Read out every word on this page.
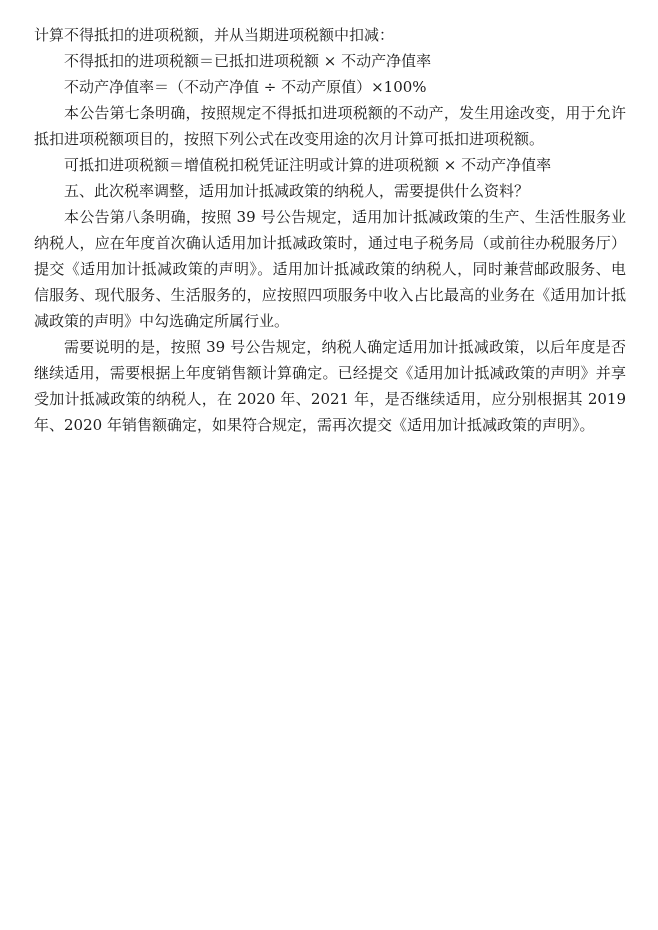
计算不得抵扣的进项税额，并从当期进项税额中扣减：

不得抵扣的进项税额＝已抵扣进项税额 × 不动产净值率

不动产净值率＝（不动产净值 ÷ 不动产原值）×100%

本公告第七条明确，按照规定不得抵扣进项税额的不动产，发生用途改变，用于允许抵扣进项税额项目的，按照下列公式在改变用途的次月计算可抵扣进项税额。

可抵扣进项税额＝增值税扣税凭证注明或计算的进项税额 × 不动产净值率

五、此次税率调整，适用加计抵减政策的纳税人，需要提供什么资料？

本公告第八条明确，按照 39 号公告规定，适用加计抵减政策的生产、生活性服务业纳税人，应在年度首次确认适用加计抵减政策时，通过电子税务局（或前往办税服务厅）提交《适用加计抵减政策的声明》。适用加计抵减政策的纳税人，同时兼营邮政服务、电信服务、现代服务、生活服务的，应按照四项服务中收入占比最高的业务在《适用加计抵减政策的声明》中勾选确定所属行业。

需要说明的是，按照 39 号公告规定，纳税人确定适用加计抵减政策，以后年度是否继续适用，需要根据上年度销售额计算确定。已经提交《适用加计抵减政策的声明》并享受加计抵减政策的纳税人，在 2020 年、2021 年，是否继续适用，应分别根据其 2019 年、2020 年销售额确定，如果符合规定，需再次提交《适用加计抵减政策的声明》。
